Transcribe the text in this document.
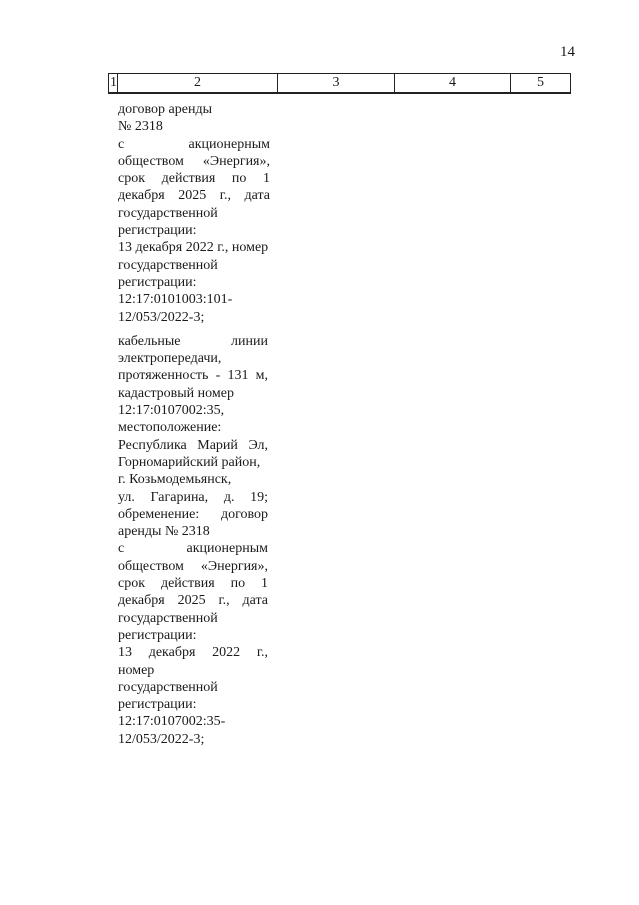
14
1	2	3	4	5

договор аренды
№ 2318
с акционерным обществом «Энергия», срок действия по 1 декабря 2025 г., дата государственной регистрации:
13 декабря 2022 г., номер
государственной регистрации:
12:17:0101003:101-12/053/2022-3;

кабельные линии электропередачи, протяженность - 131 м, кадастровый номер
12:17:0107002:35, местоположение:
Республика Марий Эл, Горномарийский район,
г. Козьмодемьянск,
ул. Гагарина, д. 19; обременение: договор аренды № 2318
с акционерным обществом «Энергия», срок действия по 1 декабря 2025 г., дата государственной регистрации:
13 декабря 2022 г., номер
государственной регистрации:
12:17:0107002:35-12/053/2022-3;
